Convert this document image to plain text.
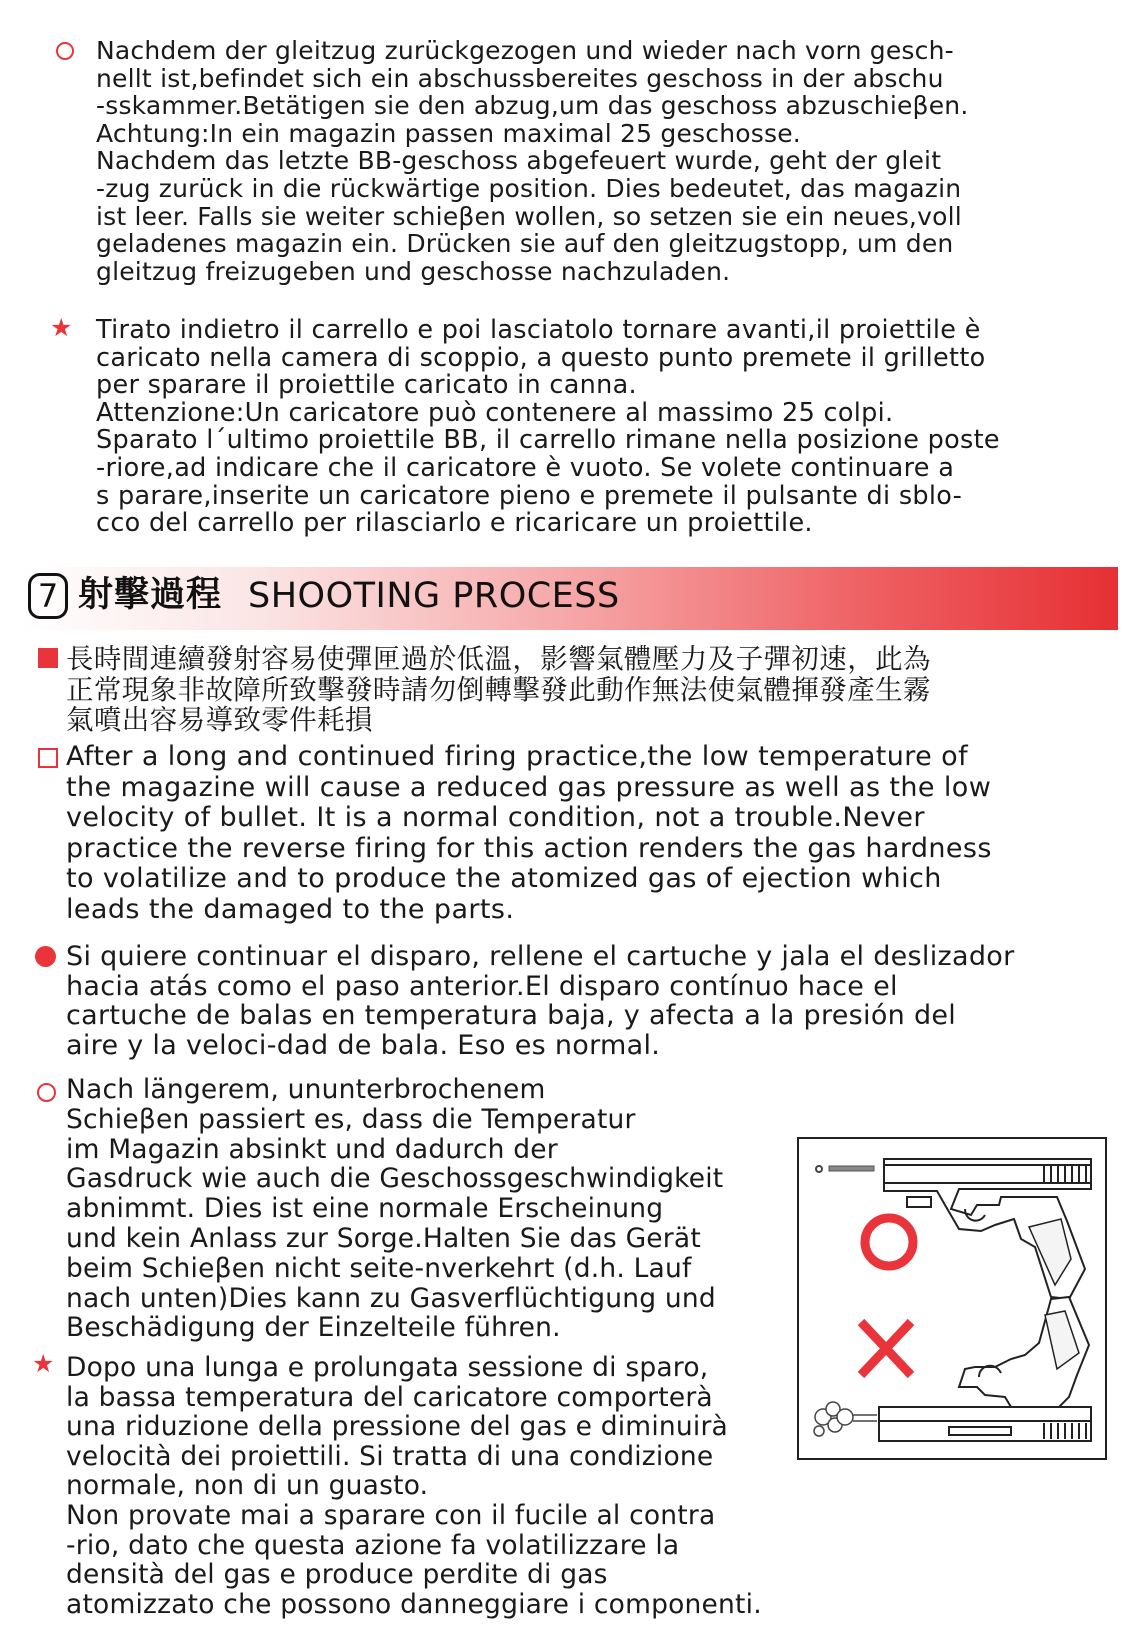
Nachdem der gleitzug zurückgezogen und wieder nach vorn gesch-
nellt ist,befindet sich ein abschussbereites geschoss in der abschu
-sskammer.Betätigen sie den abzug,um das geschoss abzuschieβen.
Achtung:In ein magazin passen maximal 25 geschosse.
Nachdem das letzte BB-geschoss abgefeuert wurde, geht der gleit
-zug zurück in die rückwärtige position. Dies bedeutet, das magazin
ist leer. Falls sie weiter schieβen wollen, so setzen sie ein neues,voll
geladenes magazin ein. Drücken sie auf den gleitzugstopp, um den
gleitzug freizugeben und geschosse nachzuladen.
★ Tirato indietro il carrello e poi lasciatolo tornare avanti,il proiettile è
caricato nella camera di scoppio, a questo punto premete il grilletto
per sparare il proiettile caricato in canna.
Attenzione:Un caricatore può contenere al massimo 25 colpi.
Sparato l´ultimo proiettile BB, il carrello rimane nella posizione poste
-riore,ad indicare che il caricatore è vuoto. Se volete continuare a
s parare,inserite un caricatore pieno e premete il pulsante di sblo-
cco del carrello per rilasciarlo e ricaricare un proiettile.
7 射擊過程 SHOOTING PROCESS
長時間連續發射容易使彈匣過於低溫，影響氣體壓力及子彈初速，此為
正常現象非故障所致擊發時請勿倒轉擊發此動作無法使氣體揮發產生霧
氣噴出容易導致零件耗損
After a long and continued firing practice,the low temperature of
the magazine will cause a reduced gas pressure as well as the low
velocity of bullet. It is a normal condition, not a trouble.Never
practice the reverse firing for this action renders the gas hardness
to volatilize and to produce the atomized gas of ejection which
leads the damaged to the parts.
Si quiere continuar el disparo, rellene el cartuche y jala el deslizador
hacia atás como el paso anterior.El disparo contínuo hace el
cartuche de balas en temperatura baja, y afecta a la presión del
aire y la veloci-dad de bala. Eso es normal.
Nach längerem, ununterbrochenem
Schieβen passiert es, dass die Temperatur
im Magazin absinkt und dadurch der
Gasdruck wie auch die Geschossgeschwindigkeit
abnimmt. Dies ist eine normale Erscheinung
und kein Anlass zur Sorge.Halten Sie das Gerät
beim Schieβen nicht seite-nverkehrt (d.h. Lauf
nach unten)Dies kann zu Gasverflüchtigung und
Beschädigung der Einzelteile führen.
★ Dopo una lunga e prolungata sessione di sparo,
la bassa temperatura del caricatore comporterà
una riduzione della pressione del gas e diminuirà
velocità dei proiettili. Si tratta di una condizione
normale, non di un guasto.
Non provate mai a sparare con il fucile al contra
-rio, dato che questa azione fa volatilizzare la
densità del gas e produce perdite di gas
atomizzato che possono danneggiare i componenti.
